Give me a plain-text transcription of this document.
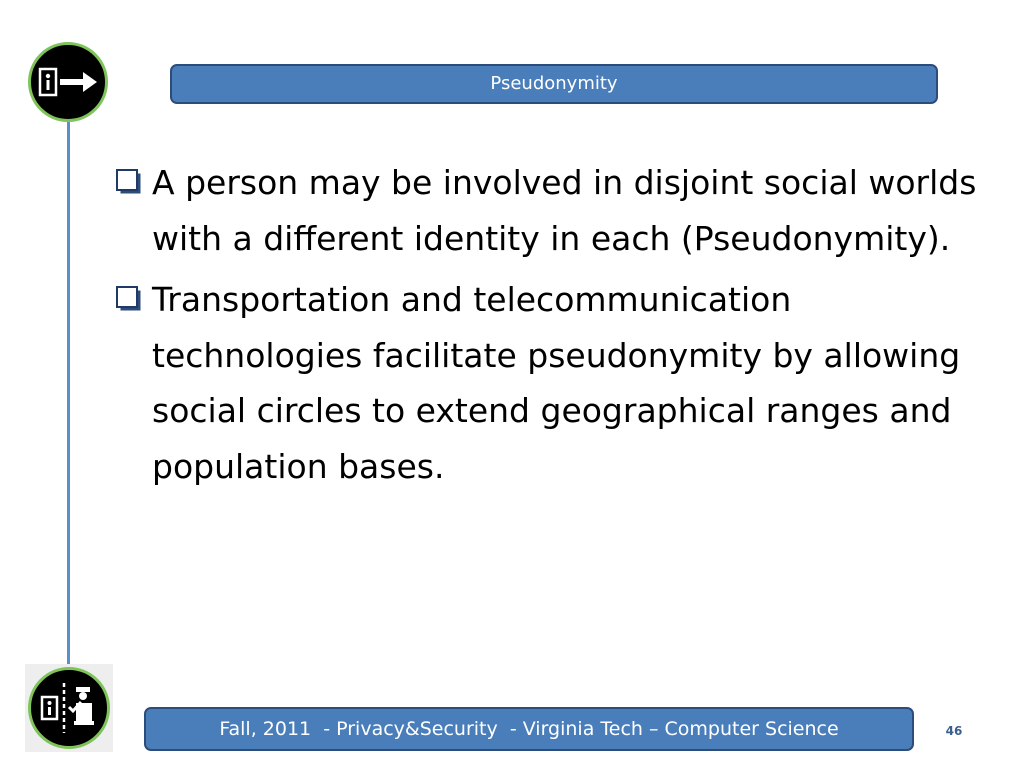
Pseudonymity
A person may be involved in disjoint social worlds with a different identity in each (Pseudonymity).
Transportation and telecommunication technologies facilitate pseudonymity by allowing social circles to extend geographical ranges and population bases.
Fall, 2011  - Privacy&Security  - Virginia Tech – Computer Science	46
